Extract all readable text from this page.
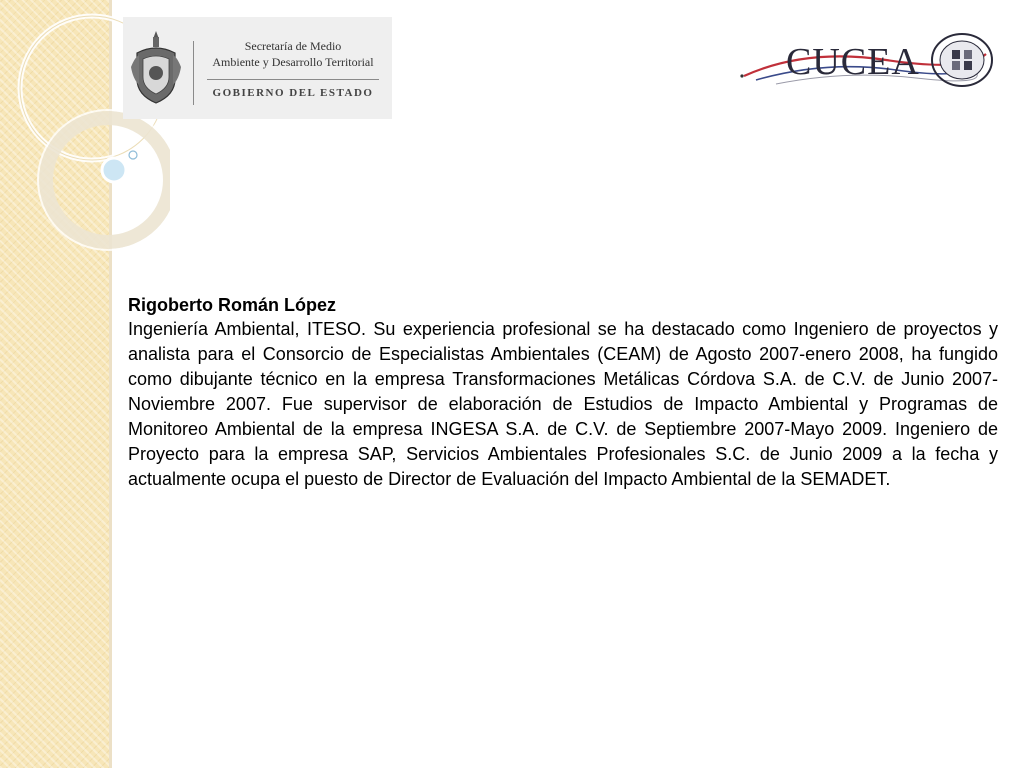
Secretaría de Medio
Ambiente y Desarrollo Territorial
GOBIERNO DEL ESTADO
CUCEA

Rigoberto Román López

Ingeniería Ambiental, ITESO. Su experiencia profesional se ha destacado como Ingeniero de proyectos y analista para el Consorcio de Especialistas Ambientales (CEAM) de Agosto 2007-enero 2008, ha fungido como dibujante técnico en la empresa Transformaciones Metálicas Córdova S.A. de C.V. de Junio 2007-Noviembre 2007. Fue supervisor de elaboración de Estudios de Impacto Ambiental y Programas de Monitoreo Ambiental de la empresa INGESA S.A. de C.V. de Septiembre 2007-Mayo 2009. Ingeniero de Proyecto para la empresa SAP, Servicios Ambientales Profesionales S.C. de Junio 2009 a la fecha y actualmente ocupa el puesto de Director de Evaluación del Impacto Ambiental de la SEMADET.
